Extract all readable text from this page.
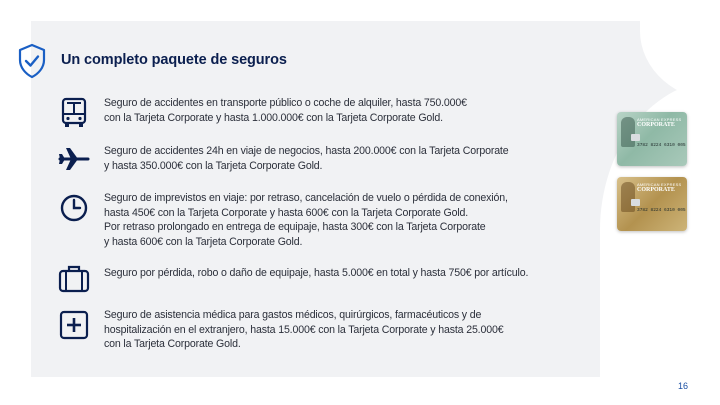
Un completo paquete de seguros
Seguro de accidentes en transporte público o coche de alquiler, hasta 750.000€
con la Tarjeta Corporate y hasta 1.000.000€ con la Tarjeta Corporate Gold.
Seguro de accidentes 24h en viaje de negocios, hasta 200.000€ con la Tarjeta Corporate
y hasta 350.000€ con la Tarjeta Corporate Gold.
Seguro de imprevistos en viaje: por retraso, cancelación de vuelo o pérdida de conexión,
hasta 450€ con la Tarjeta Corporate y hasta 600€ con la Tarjeta Corporate Gold.
Por retraso prolongado en entrega de equipaje, hasta 300€ con la Tarjeta Corporate
y hasta 600€ con la Tarjeta Corporate Gold.
Seguro por pérdida, robo o daño de equipaje, hasta 5.000€ en total y hasta 750€ por artículo.
Seguro de asistencia médica para gastos médicos, quirúrgicos, farmacéuticos y de
hospitalización en el extranjero, hasta 15.000€ con la Tarjeta Corporate y hasta 25.000€
con la Tarjeta Corporate Gold.
AMERICAN EXPRESS
CORPORATE
3782 8224 6310 005
AMERICAN EXPRESS
CORPORATE
3782 8224 6310 005
16
